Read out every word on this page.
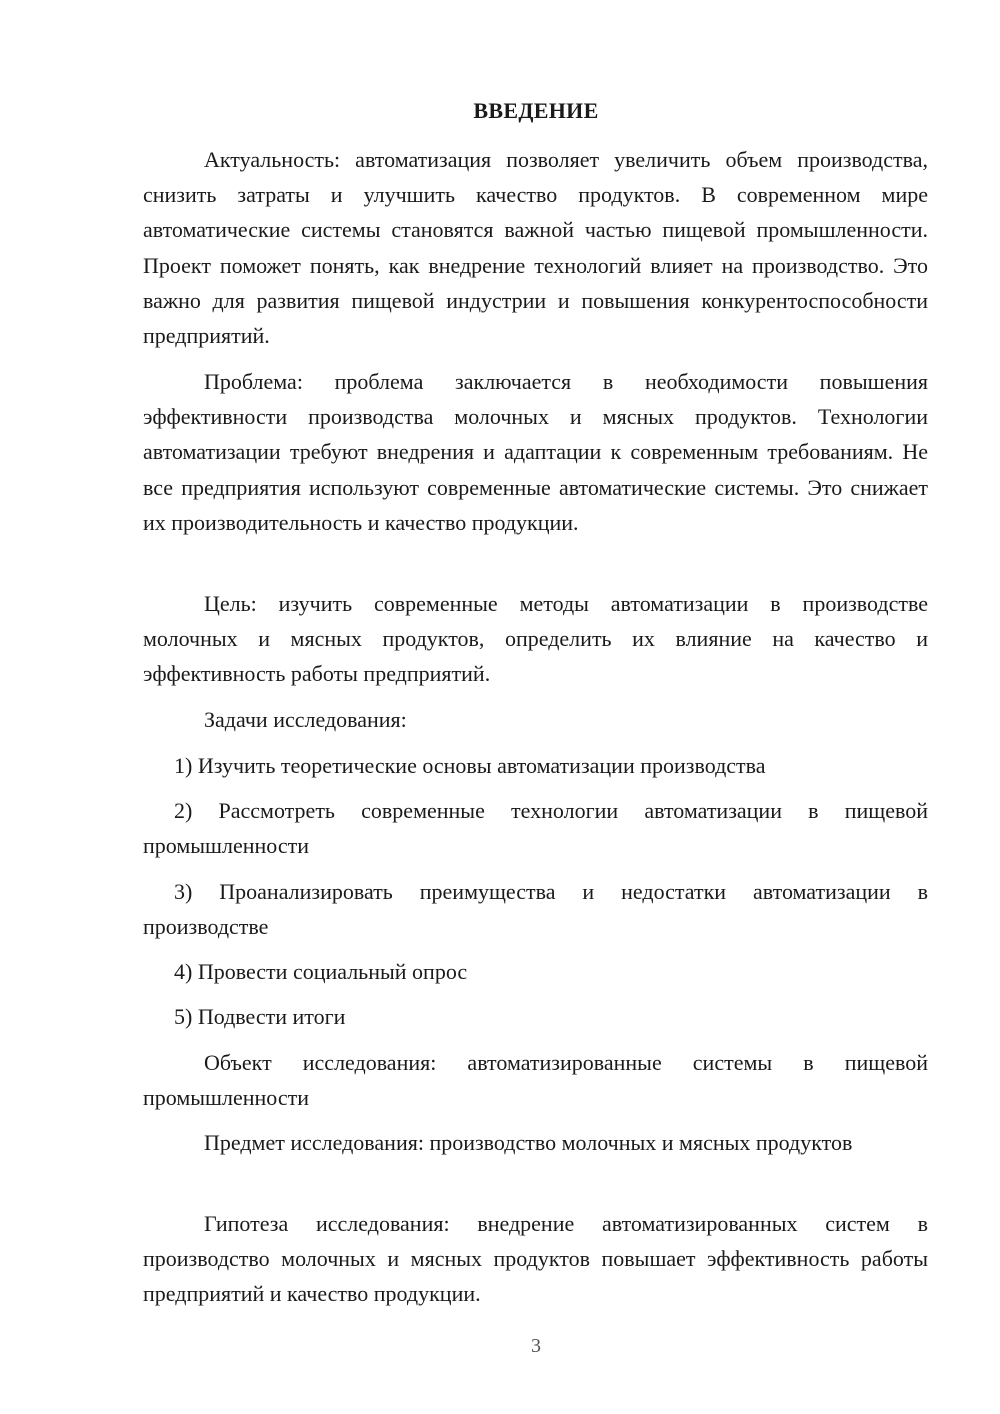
ВВЕДЕНИЕ

Актуальность: автоматизация позволяет увеличить объем производства, снизить затраты и улучшить качество продуктов. В современном мире автоматические системы становятся важной частью пищевой промышленности. Проект поможет понять, как внедрение технологий влияет на производство. Это важно для развития пищевой индустрии и повышения конкурентоспособности предприятий.

Проблема: проблема заключается в необходимости повышения эффективности производства молочных и мясных продуктов. Технологии автоматизации требуют внедрения и адаптации к современным требованиям. Не все предприятия используют современные автоматические системы. Это снижает их производительность и качество продукции.

Цель: изучить современные методы автоматизации в производстве молочных и мясных продуктов, определить их влияние на качество и эффективность работы предприятий.

Задачи исследования:

1) Изучить теоретические основы автоматизации производства

2) Рассмотреть современные технологии автоматизации в пищевой промышленности

3) Проанализировать преимущества и недостатки автоматизации в производстве

4) Провести социальный опрос

5) Подвести итоги

Объект исследования: автоматизированные системы в пищевой промышленности

Предмет исследования: производство молочных и мясных продуктов

Гипотеза исследования: внедрение автоматизированных систем в производство молочных и мясных продуктов повышает эффективность работы предприятий и качество продукции.

3
